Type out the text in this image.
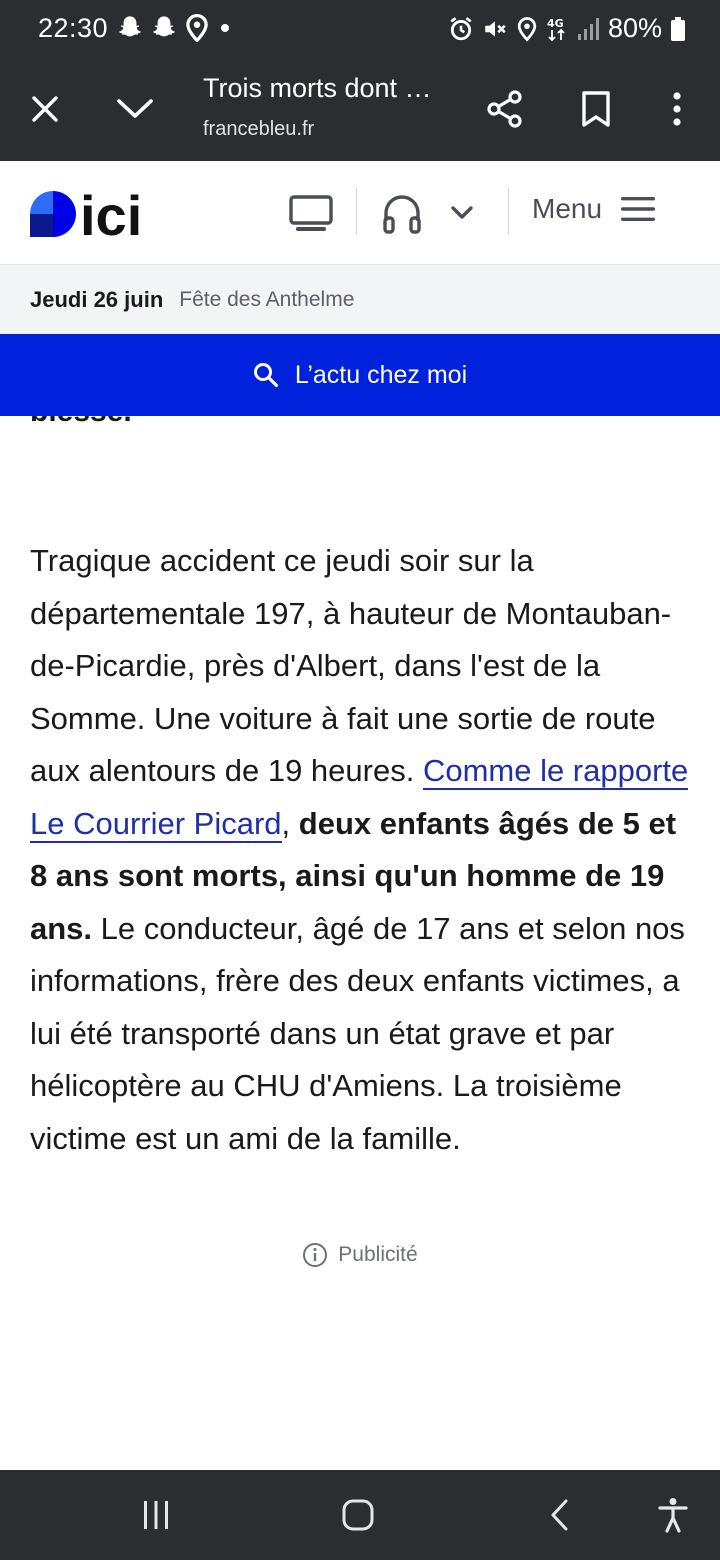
22:30	4G 80%
Trois morts dont …
francebleu.fr
ici	Menu
Jeudi 26 juin Fête des Anthelme

Tragique accident ce jeudi soir sur la départementale 197, à hauteur de Montauban-de-Picardie, près d'Albert, dans l'est de la Somme. Une voiture à fait une sortie de route aux alentours de 19 heures. Comme le rapporte Le Courrier Picard, deux enfants âgés de 5 et 8 ans sont morts, ainsi qu'un homme de 19 ans. Le conducteur, âgé de 17 ans et selon nos informations, frère des deux enfants victimes, a lui été transporté dans un état grave et par hélicoptère au CHU d'Amiens. La troisième victime est un ami de la famille.

L’actu chez moi
Publicité
